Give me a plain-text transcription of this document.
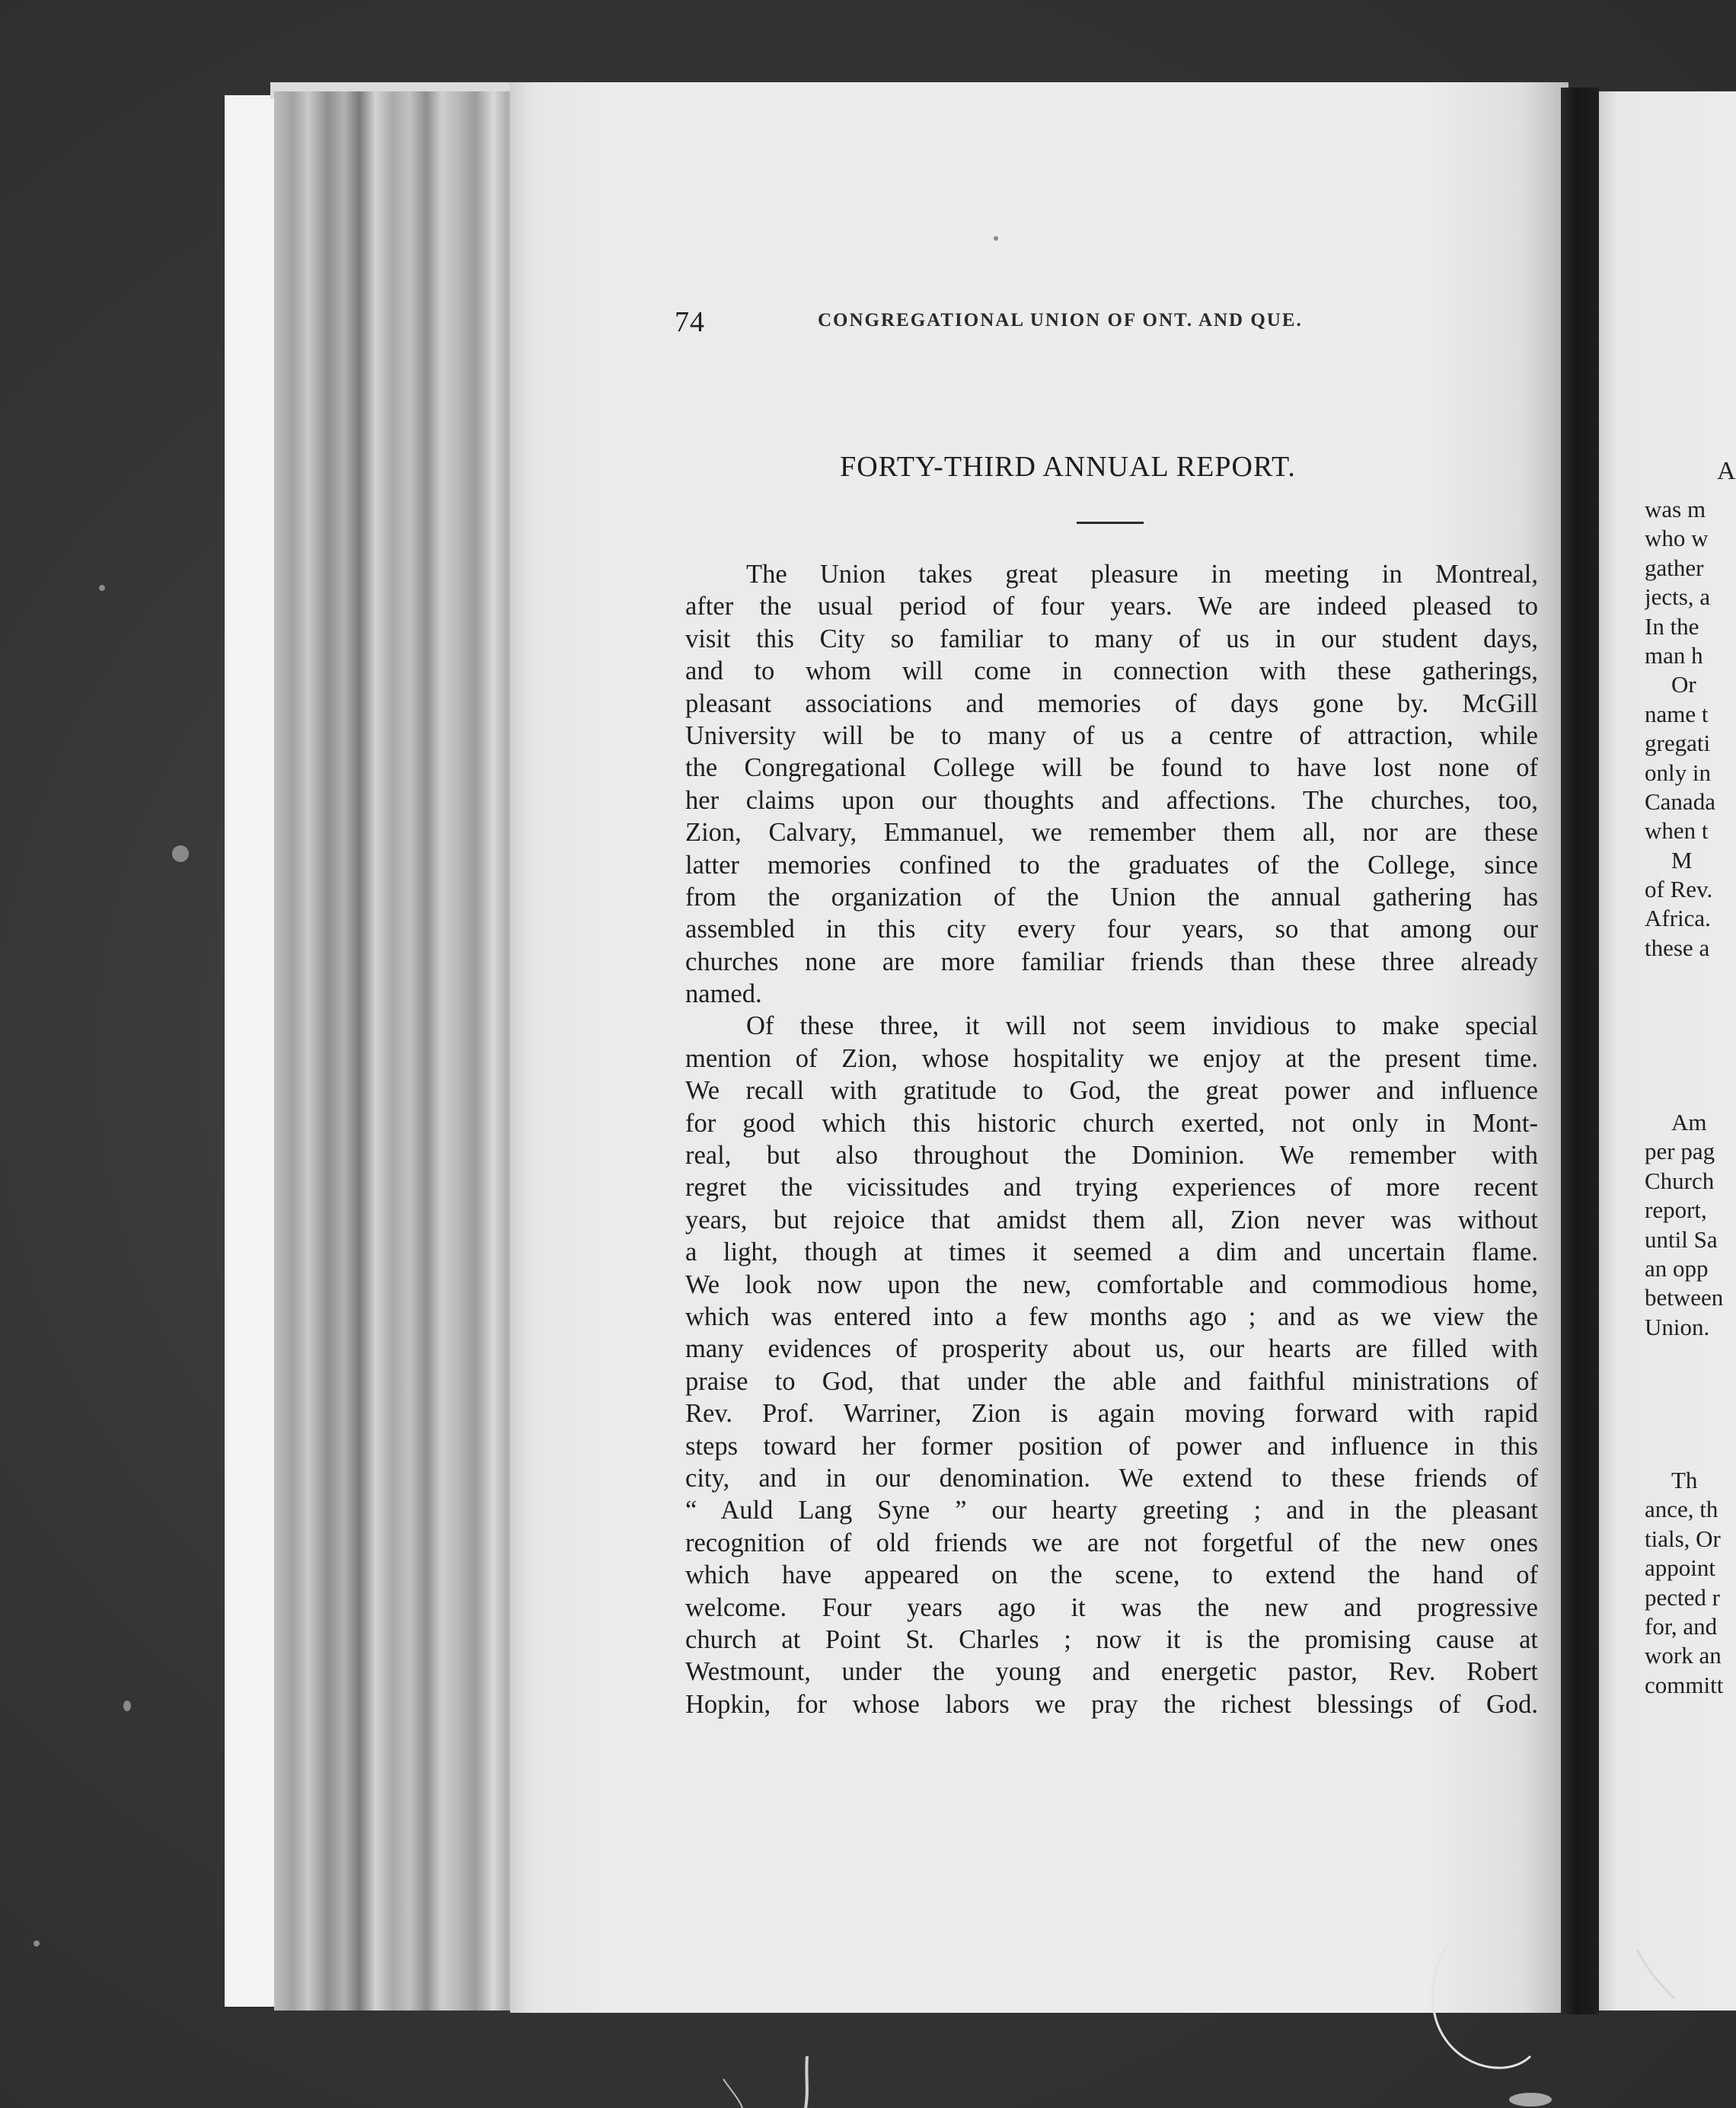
74	CONGREGATIONAL UNION OF ONT. AND QUE.
FORTY-THIRD ANNUAL REPORT.
The Union takes great pleasure in meeting in Montreal,
after the usual period of four years. We are indeed pleased to
visit this City so familiar to many of us in our student days,
and to whom will come in connection with these gatherings,
pleasant associations and memories of days gone by. McGill
University will be to many of us a centre of attraction, while
the Congregational College will be found to have lost none of
her claims upon our thoughts and affections. The churches, too,
Zion, Calvary, Emmanuel, we remember them all, nor are these
latter memories confined to the graduates of the College, since
from the organization of the Union the annual gathering has
assembled in this city every four years, so that among our
churches none are more familiar friends than these three already
named.
Of these three, it will not seem invidious to make special
mention of Zion, whose hospitality we enjoy at the present time.
We recall with gratitude to God, the great power and influence
for good which this historic church exerted, not only in Mont-
real, but also throughout the Dominion. We remember with
regret the vicissitudes and trying experiences of more recent
years, but rejoice that amidst them all, Zion never was without
a light, though at times it seemed a dim and uncertain flame.
We look now upon the new, comfortable and commodious home,
which was entered into a few months ago ; and as we view the
many evidences of prosperity about us, our hearts are filled with
praise to God, that under the able and faithful ministrations of
Rev. Prof. Warriner, Zion is again moving forward with rapid
steps toward her former position of power and influence in this
city, and in our denomination. We extend to these friends of
“ Auld Lang Syne ” our hearty greeting ; and in the pleasant
recognition of old friends we are not forgetful of the new ones
which have appeared on the scene, to extend the hand of
welcome. Four years ago it was the new and progressive
church at Point St. Charles ; now it is the promising cause at
Westmount, under the young and energetic pastor, Rev. Robert
Hopkin, for whose labors we pray the richest blessings of God.
A
was m
who w
gather
jects, a
In the
man h
Or
name t
gregati
only in
Canada
when t
M
of Rev.
Africa.
these a
Am
per pag
Church
report,
until Sa
an opp
between
Union.
Th
ance, th
tials, Or
appoint
pected r
for, and
work an
committ
